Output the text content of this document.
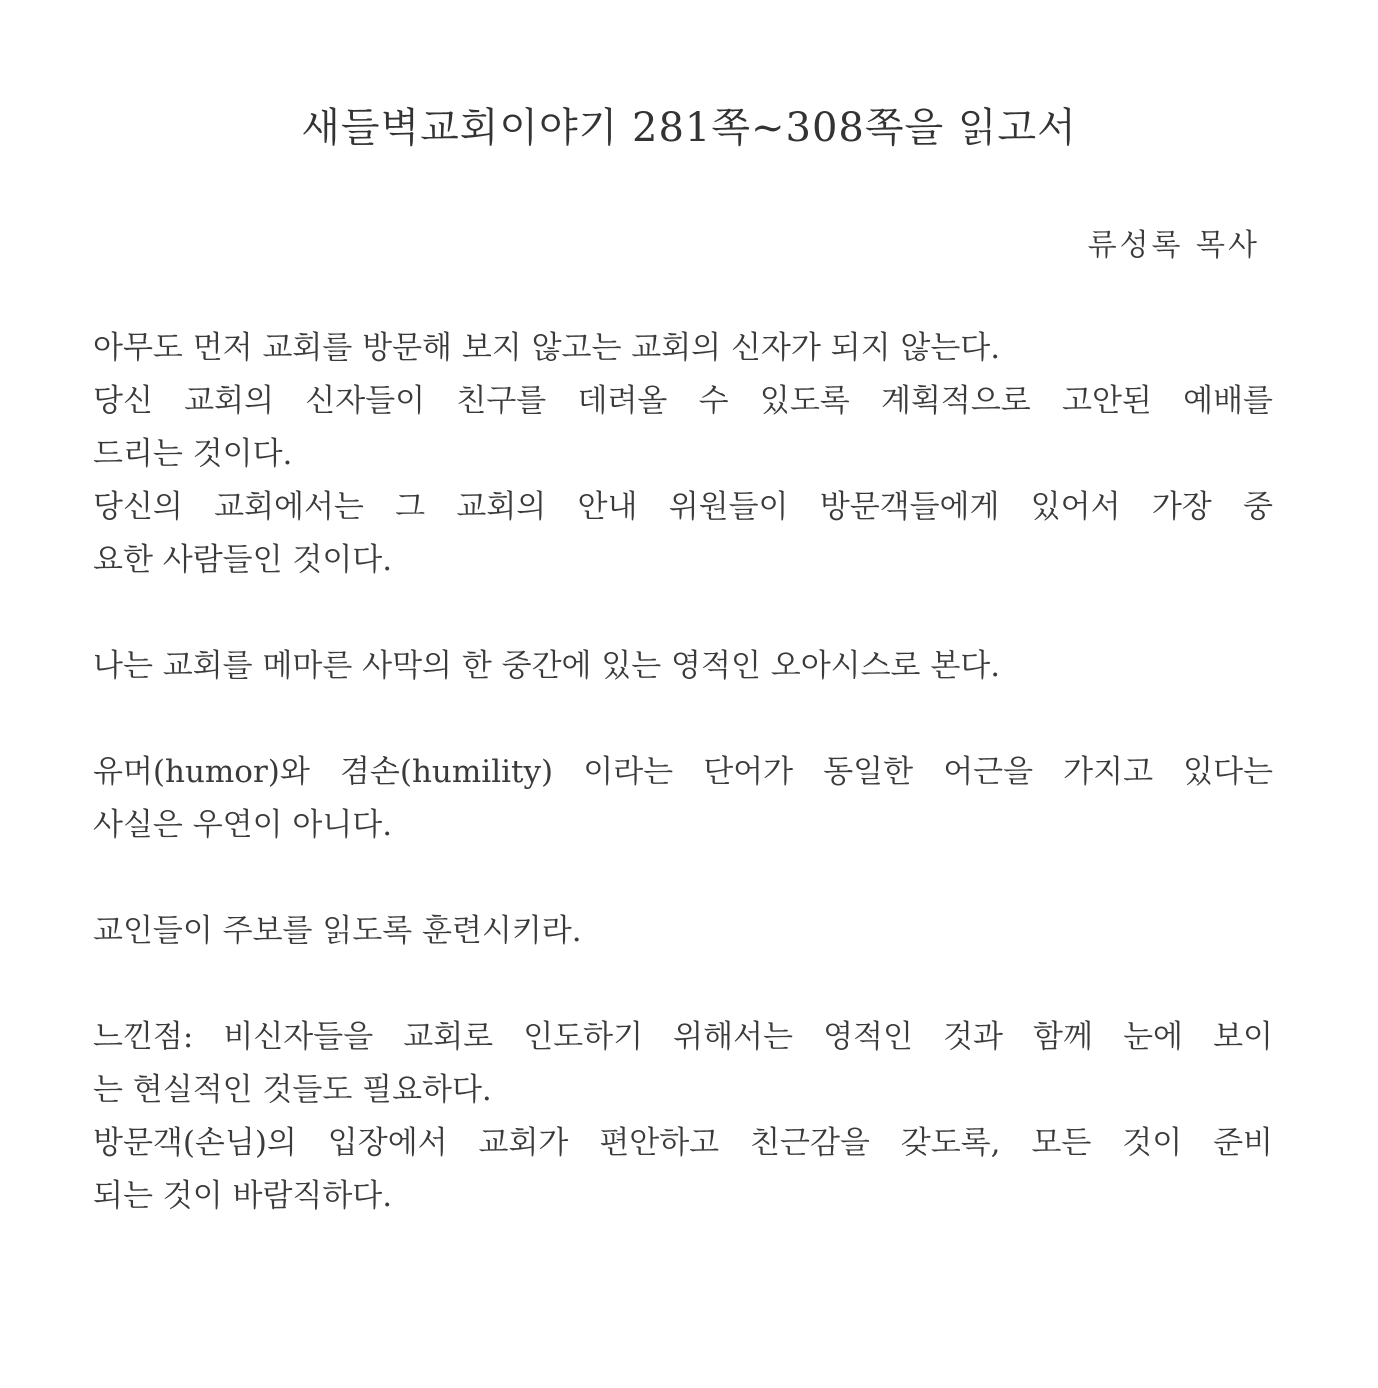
새들벽교회이야기 281쪽~308쪽을 읽고서
류성록 목사
아무도 먼저 교회를 방문해 보지 않고는 교회의 신자가 되지 않는다.
당신 교회의 신자들이 친구를 데려올 수 있도록 계획적으로 고안된 예배를
드리는 것이다.
당신의 교회에서는 그 교회의 안내 위원들이 방문객들에게 있어서 가장 중
요한 사람들인 것이다.
나는 교회를 메마른 사막의 한 중간에 있는 영적인 오아시스로 본다.
유머(humor)와 겸손(humility) 이라는 단어가 동일한 어근을 가지고 있다는
사실은 우연이 아니다.
교인들이 주보를 읽도록 훈련시키라.
느낀점: 비신자들을 교회로 인도하기 위해서는 영적인 것과 함께 눈에 보이
는 현실적인 것들도 필요하다.
방문객(손님)의 입장에서 교회가 편안하고 친근감을 갖도록, 모든 것이 준비
되는 것이 바람직하다.
